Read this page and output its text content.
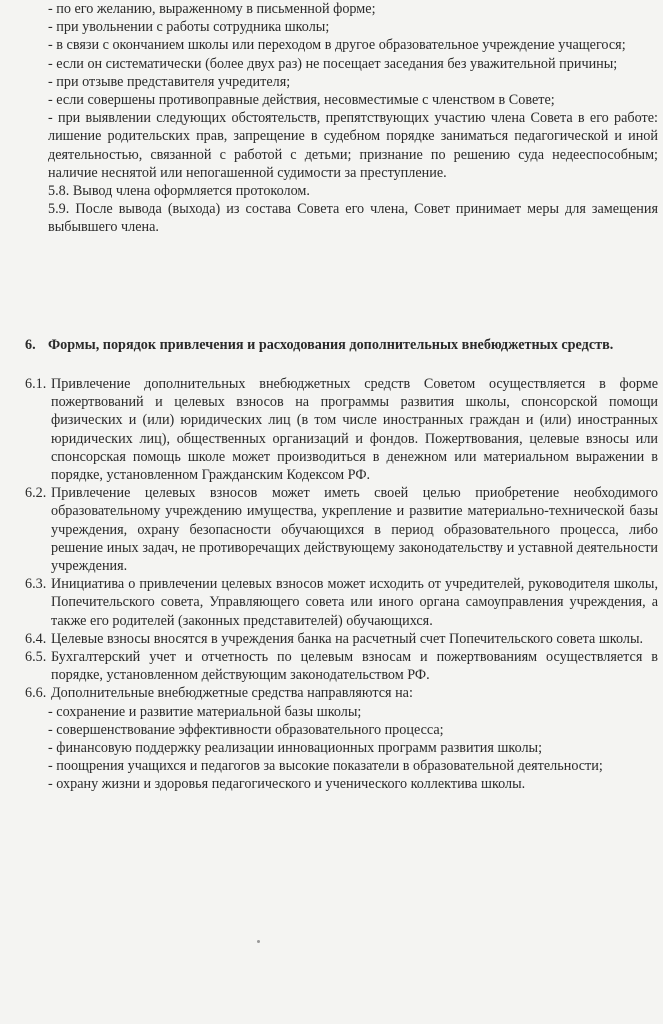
- по его желанию, выраженному в письменной форме;

- при увольнении с работы сотрудника школы;

- в связи с окончанием школы или переходом в другое образовательное учреждение учащегося;

- если он систематически (более двух раз) не посещает заседания без уважительной причины;

- при отзыве представителя учредителя;

- если совершены противоправные действия, несовместимые с членством в Совете;

- при выявлении следующих обстоятельств, препятствующих участию члена Совета в его работе: лишение родительских прав, запрещение в судебном порядке заниматься педагогической и иной деятельностью, связанной с работой с детьми; признание по решению суда недееспособным; наличие неснятой или непогашенной судимости за преступление.

5.8. Вывод члена оформляется протоколом.

5.9. После вывода (выхода) из состава Совета его члена, Совет принимает меры для замещения выбывшего члена.

6. Формы, порядок привлечения и расходования дополнительных внебюджетных средств.
6.1. Привлечение дополнительных внебюджетных средств Советом осуществляется в форме пожертвований и целевых взносов на программы развития школы, спонсорской помощи физических и (или) юридических лиц (в том числе иностранных граждан и (или) иностранных юридических лиц), общественных организаций и фондов. Пожертвования, целевые взносы или спонсорская помощь школе может производиться в денежном или материальном выражении в порядке, установленном Гражданским Кодексом РФ.
6.2. Привлечение целевых взносов может иметь своей целью приобретение необходимого образовательному учреждению имущества, укрепление и развитие материально-технической базы учреждения, охрану безопасности обучающихся в период образовательного процесса, либо решение иных задач, не противоречащих действующему законодательству и уставной деятельности учреждения.
6.3. Инициатива о привлечении целевых взносов может исходить от учредителей, руководителя школы, Попечительского совета, Управляющего совета или иного органа самоуправления учреждения, а также его родителей (законных представителей) обучающихся.
6.4. Целевые взносы вносятся в учреждения банка на расчетный счет Попечительского совета школы.
6.5. Бухгалтерский учет и отчетность по целевым взносам и пожертвованиям осуществляется в порядке, установленном действующим законодательством РФ.
6.6. Дополнительные внебюджетные средства направляются на:

- сохранение и развитие материальной базы школы;

- совершенствование эффективности образовательного процесса;

- финансовую поддержку реализации инновационных программ развития школы;

- поощрения учащихся и педагогов за высокие показатели в образовательной деятельности;

- охрану жизни и здоровья педагогического и ученического коллектива школы.
